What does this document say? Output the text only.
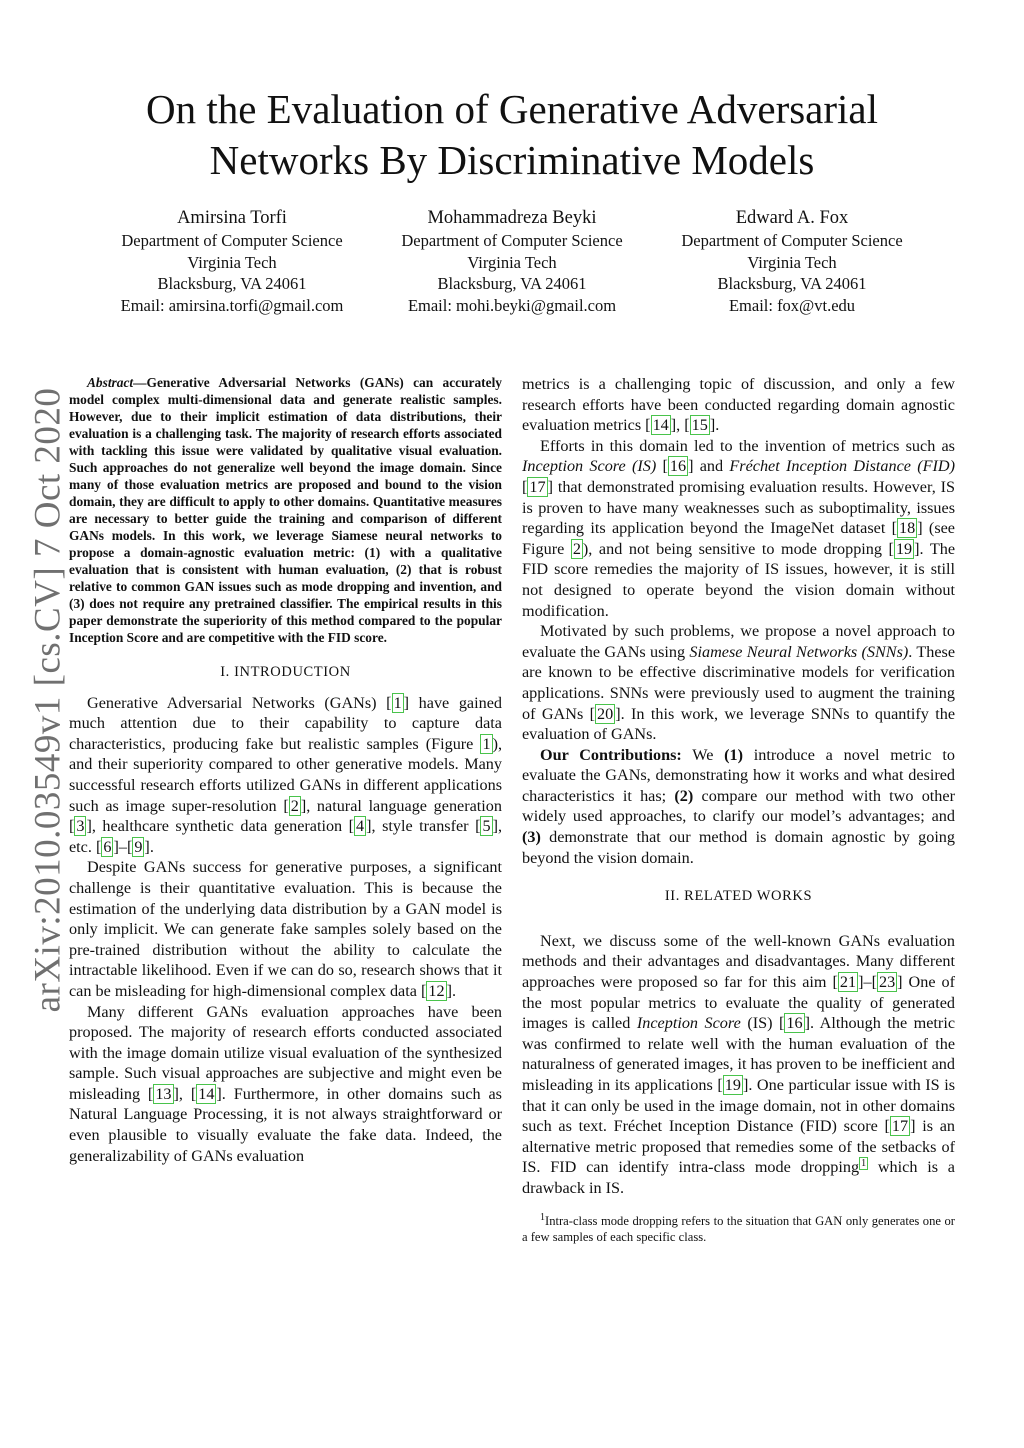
On the Evaluation of Generative Adversarial
Networks By Discriminative Models
Amirsina Torfi
Department of Computer Science
Virginia Tech
Blacksburg, VA 24061
Email: amirsina.torfi@gmail.com
Mohammadreza Beyki
Department of Computer Science
Virginia Tech
Blacksburg, VA 24061
Email: mohi.beyki@gmail.com
Edward A. Fox
Department of Computer Science
Virginia Tech
Blacksburg, VA 24061
Email: fox@vt.edu
arXiv:2010.03549v1 [cs.CV] 7 Oct 2020

Abstract—Generative Adversarial Networks (GANs) can accurately model complex multi-dimensional data and generate realistic samples. However, due to their implicit estimation of data distributions, their evaluation is a challenging task. The majority of research efforts associated with tackling this issue were validated by qualitative visual evaluation. Such approaches do not generalize well beyond the image domain. Since many of those evaluation metrics are proposed and bound to the vision domain, they are difficult to apply to other domains. Quantitative measures are necessary to better guide the training and comparison of different GANs models. In this work, we leverage Siamese neural networks to propose a domain-agnostic evaluation metric: (1) with a qualitative evaluation that is consistent with human evaluation, (2) that is robust relative to common GAN issues such as mode dropping and invention, and (3) does not require any pretrained classifier. The empirical results in this paper demonstrate the superiority of this method compared to the popular Inception Score and are competitive with the FID score.

I. INTRODUCTION

Generative Adversarial Networks (GANs) [ 1 ] have gained much attention due to their capability to capture data characteristics, producing fake but realistic samples (Figure 1 ), and their superiority compared to other generative models. Many successful research efforts utilized GANs in different applications such as image super-resolution [ 2 ], natural language generation [ 3 ], healthcare synthetic data generation [ 4 ], style transfer [ 5 ], etc. [ 6 ]–[ 9 ].

Despite GANs success for generative purposes, a significant challenge is their quantitative evaluation. This is because the estimation of the underlying data distribution by a GAN model is only implicit. We can generate fake samples solely based on the pre-trained distribution without the ability to calculate the intractable likelihood. Even if we can do so, research shows that it can be misleading for high-dimensional complex data [ 12 ].

Many different GANs evaluation approaches have been proposed. The majority of research efforts conducted associated with the image domain utilize visual evaluation of the synthesized sample. Such visual approaches are subjective and might even be misleading [ 13 ], [ 14 ]. Furthermore, in other domains such as Natural Language Processing, it is not always straightforward or even plausible to visually evaluate the fake data. Indeed, the generalizability of GANs evaluation

metrics is a challenging topic of discussion, and only a few research efforts have been conducted regarding domain agnostic evaluation metrics [ 14 ], [ 15 ].

Efforts in this domain led to the invention of metrics such as Inception Score (IS) [ 16 ] and Fréchet Inception Distance (FID) [ 17 ] that demonstrated promising evaluation results. However, IS is proven to have many weaknesses such as suboptimality, issues regarding its application beyond the ImageNet dataset [ 18 ] (see Figure 2 ), and not being sensitive to mode dropping [ 19 ]. The FID score remedies the majority of IS issues, however, it is still not designed to operate beyond the vision domain without modification.

Motivated by such problems, we propose a novel approach to evaluate the GANs using Siamese Neural Networks (SNNs). These are known to be effective discriminative models for verification applications. SNNs were previously used to augment the training of GANs [ 20 ]. In this work, we leverage SNNs to quantify the evaluation of GANs.

Our Contributions: We (1) introduce a novel metric to evaluate the GANs, demonstrating how it works and what desired characteristics it has; (2) compare our method with two other widely used approaches, to clarify our model’s advantages; and (3) demonstrate that our method is domain agnostic by going beyond the vision domain.

II. RELATED WORKS

Next, we discuss some of the well-known GANs evaluation methods and their advantages and disadvantages. Many different approaches were proposed so far for this aim [ 21 ]–[ 23 ] One of the most popular metrics to evaluate the quality of generated images is called Inception Score (IS) [ 16 ]. Although the metric was confirmed to relate well with the human evaluation of the naturalness of generated images, it has proven to be inefficient and misleading in its applications [ 19 ]. One particular issue with IS is that it can only be used in the image domain, not in other domains such as text. Fréchet Inception Distance (FID) score [ 17 ] is an alternative metric proposed that remedies some of the setbacks of IS. FID can identify intra-class mode dropping $^1$ which is a drawback in IS.

$^1$Intra-class mode dropping refers to the situation that GAN only generates one or a few samples of each specific class.
